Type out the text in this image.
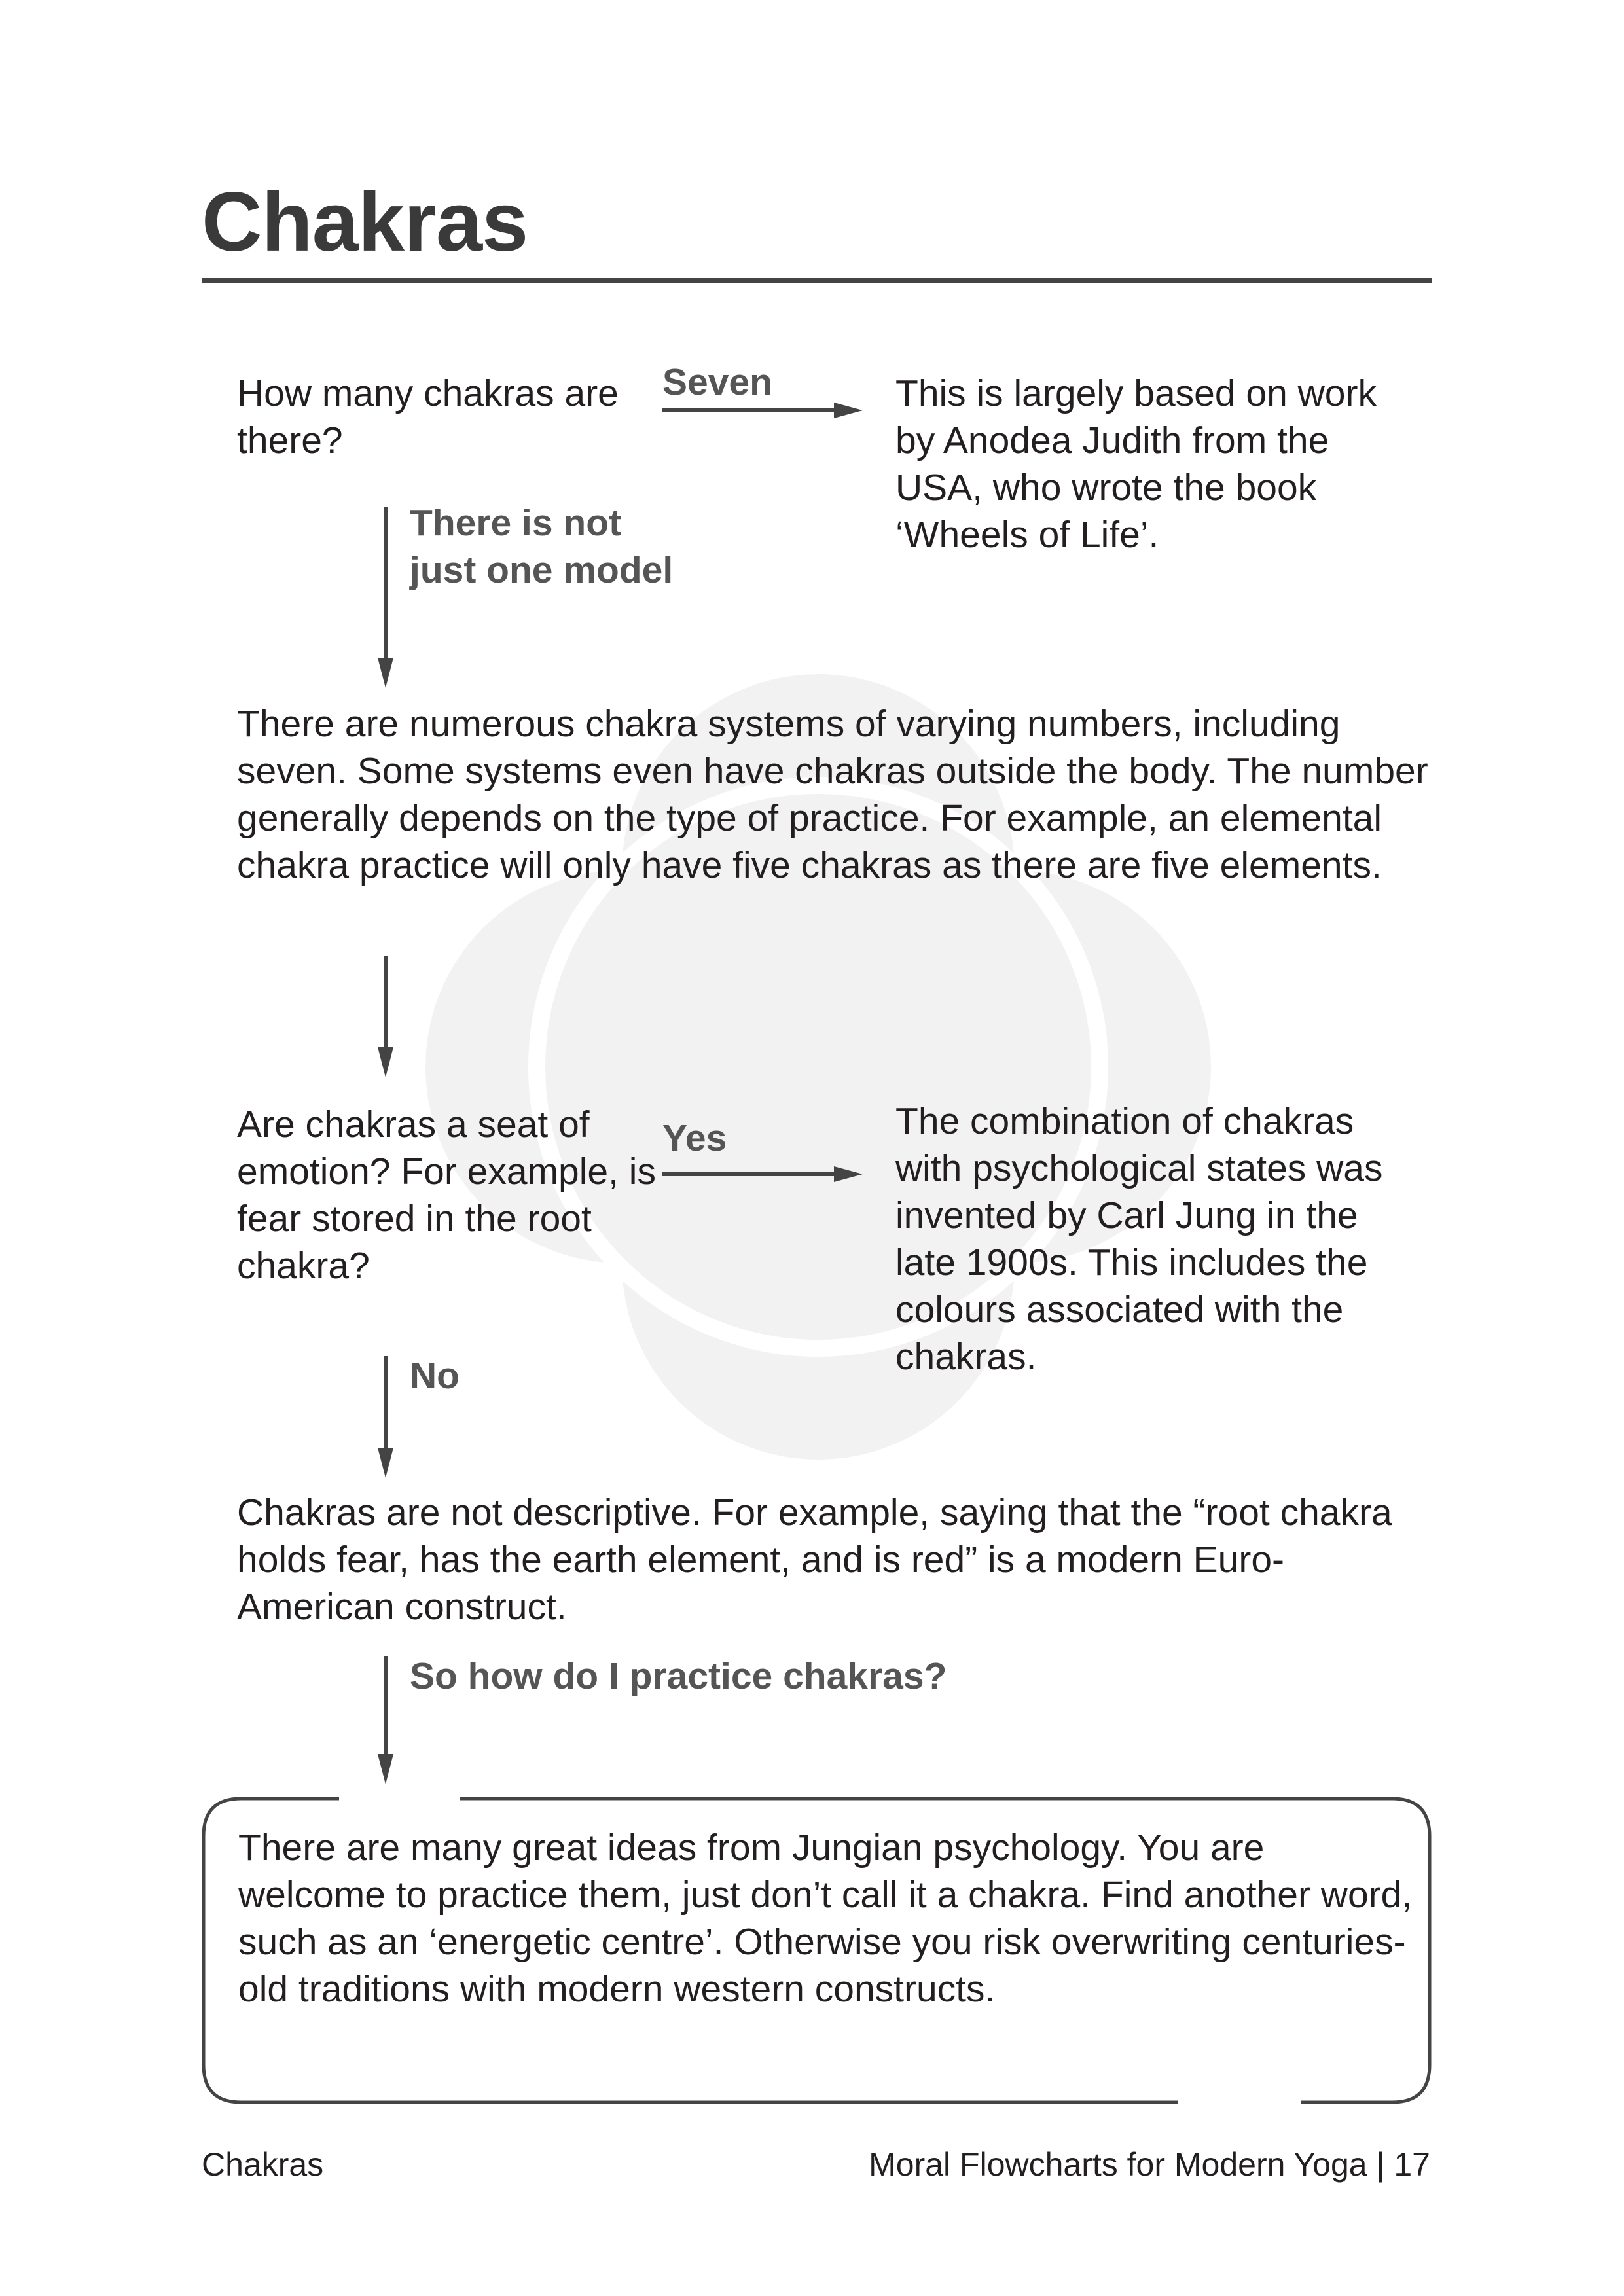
Chakras
How many chakras are there?
Seven	This is largely based on work by Anodea Judith from the USA, who wrote the book ‘Wheels of Life’.
There is not just one model
There are numerous chakra systems of varying numbers, including seven. Some systems even have chakras outside the body. The number generally depends on the type of practice. For example, an elemental chakra practice will only have five chakras as there are five elements.
Are chakras a seat of emotion? For example, is fear stored in the root chakra?
Yes	The combination of chakras with psychological states was invented by Carl Jung in the late 1900s. This includes the colours associated with the chakras.
No
Chakras are not descriptive. For example, saying that the “root chakra holds fear, has the earth element, and is red” is a modern Euro-American construct.
So how do I practice chakras?
There are many great ideas from Jungian psychology. You are welcome to practice them, just don’t call it a chakra. Find another word, such as an ‘energetic centre’. Otherwise you risk overwriting centuries-old traditions with modern western constructs.
Chakras	Moral Flowcharts for Modern Yoga | 17
